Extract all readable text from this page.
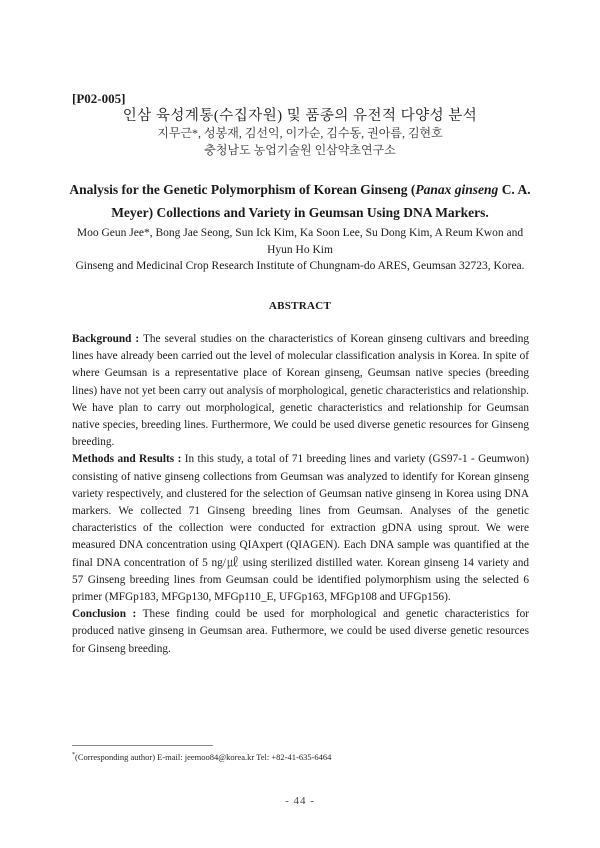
[P02-005]
인삼 육성계통(수집자원) 및 품종의 유전적 다양성 분석
지무근*, 성봉재, 김선익, 이가순, 김수동, 권아름, 김현호
충청남도 농업기술원 인삼약초연구소
Analysis for the Genetic Polymorphism of Korean Ginseng (Panax ginseng C. A. Meyer) Collections and Variety in Geumsan Using DNA Markers.
Moo Geun Jee*, Bong Jae Seong, Sun Ick Kim, Ka Soon Lee, Su Dong Kim, A Reum Kwon and Hyun Ho Kim
Ginseng and Medicinal Crop Research Institute of Chungnam-do ARES, Geumsan 32723, Korea.
ABSTRACT

Background : The several studies on the characteristics of Korean ginseng cultivars and breeding lines have already been carried out the level of molecular classification analysis in Korea. In spite of where Geumsan is a representative place of Korean ginseng, Geumsan native species (breeding lines) have not yet been carry out analysis of morphological, genetic characteristics and relationship. We have plan to carry out morphological, genetic characteristics and relationship for Geumsan native species, breeding lines. Furthermore, We could be used diverse genetic resources for Ginseng breeding.

Methods and Results : In this study, a total of 71 breeding lines and variety (GS97-1 - Geumwon) consisting of native ginseng collections from Geumsan was analyzed to identify for Korean ginseng variety respectively, and clustered for the selection of Geumsan native ginseng in Korea using DNA markers. We collected 71 Ginseng breeding lines from Geumsan. Analyses of the genetic characteristics of the collection were conducted for extraction gDNA using sprout. We were measured DNA concentration using QIAxpert (QIAGEN). Each DNA sample was quantified at the final DNA concentration of 5 ng/㎕ using sterilized distilled water. Korean ginseng 14 variety and 57 Ginseng breeding lines from Geumsan could be identified polymorphism using the selected 6 primer (MFGp183, MFGp130, MFGp110_E, UFGp163, MFGp108 and UFGp156).

Conclusion : These finding could be used for morphological and genetic characteristics for produced native ginseng in Geumsan area. Futhermore, we could be used diverse genetic resources for Ginseng breeding.

*(Corresponding author) E-mail: jeemoo84@korea.kr Tel: +82-41-635-6464
- 44 -
